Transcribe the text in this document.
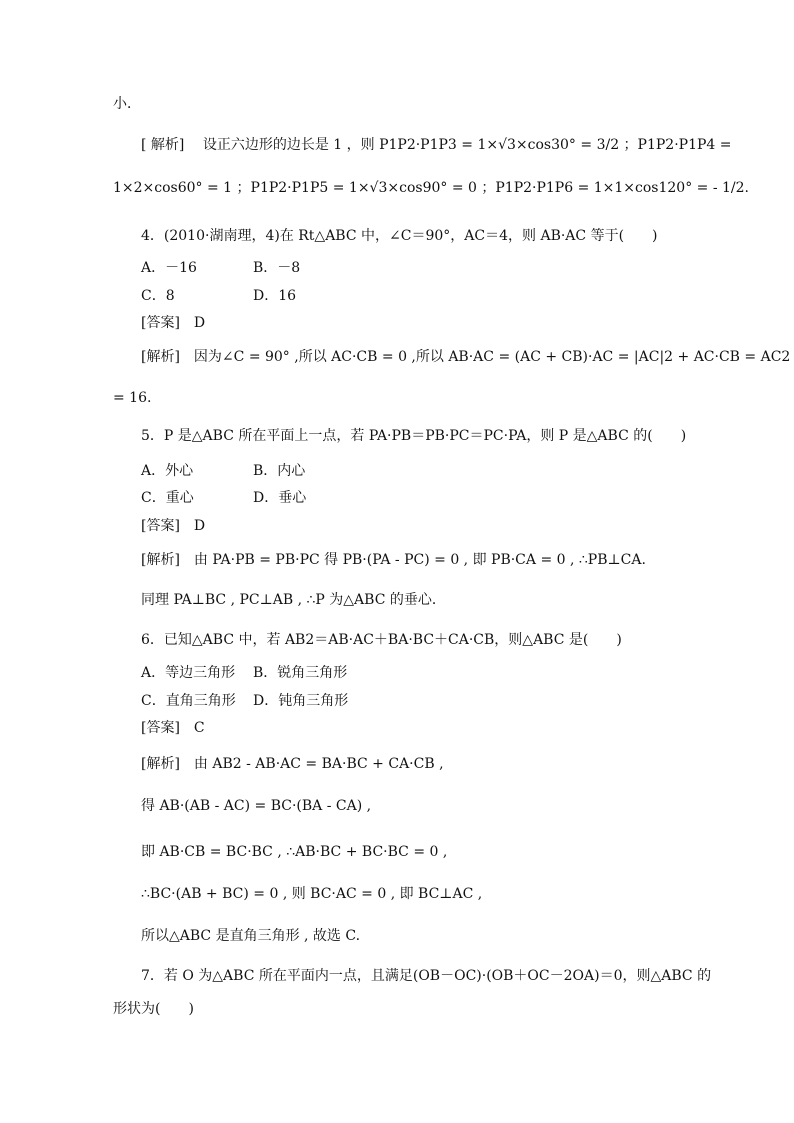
小．
[ 解析]　 设正六边形的边长是 1 ，则 P1P2·P1P3 = 1×√3×cos30° = 3/2 ；P1P2·P1P4 =
1×2×cos60° = 1 ；P1P2·P1P5 = 1×√3×cos90° = 0 ；P1P2·P1P6 = 1×1×cos120° = - 1/2.
4．(2010·湖南理，4)在 Rt△ABC 中，∠C＝90°，AC＝4，则 AB·AC 等于(　　)
A．－16	B．－8
C．8	D．16
[答案]　D
[解析]　因为∠C = 90° ,所以 AC·CB = 0 ,所以 AB·AC = (AC + CB)·AC = |AC|2 + AC·CB = AC2
= 16.
5．P 是△ABC 所在平面上一点，若 PA·PB＝PB·PC＝PC·PA，则 P 是△ABC 的(　　)
A．外心	B．内心
C．重心	D．垂心
[答案]　D
[解析]　由 PA·PB = PB·PC 得 PB·(PA - PC) = 0 , 即 PB·CA = 0 , ∴PB⊥CA.
同理 PA⊥BC , PC⊥AB , ∴P 为△ABC 的垂心．
6．已知△ABC 中，若 AB2＝AB·AC＋BA·BC＋CA·CB，则△ABC 是(　　)
A．等边三角形 B．锐角三角形
C．直角三角形 D．钝角三角形
[答案]　C
[解析]　由 AB2 - AB·AC = BA·BC + CA·CB ,
得 AB·(AB - AC) = BC·(BA - CA) ,
即 AB·CB = BC·BC , ∴AB·BC + BC·BC = 0 ,
∴BC·(AB + BC) = 0 , 则 BC·AC = 0 , 即 BC⊥AC ,
所以△ABC 是直角三角形 , 故选 C.
7．若 O 为△ABC 所在平面内一点，且满足(OB－OC)·(OB＋OC－2OA)＝0，则△ABC 的
形状为(　　)
